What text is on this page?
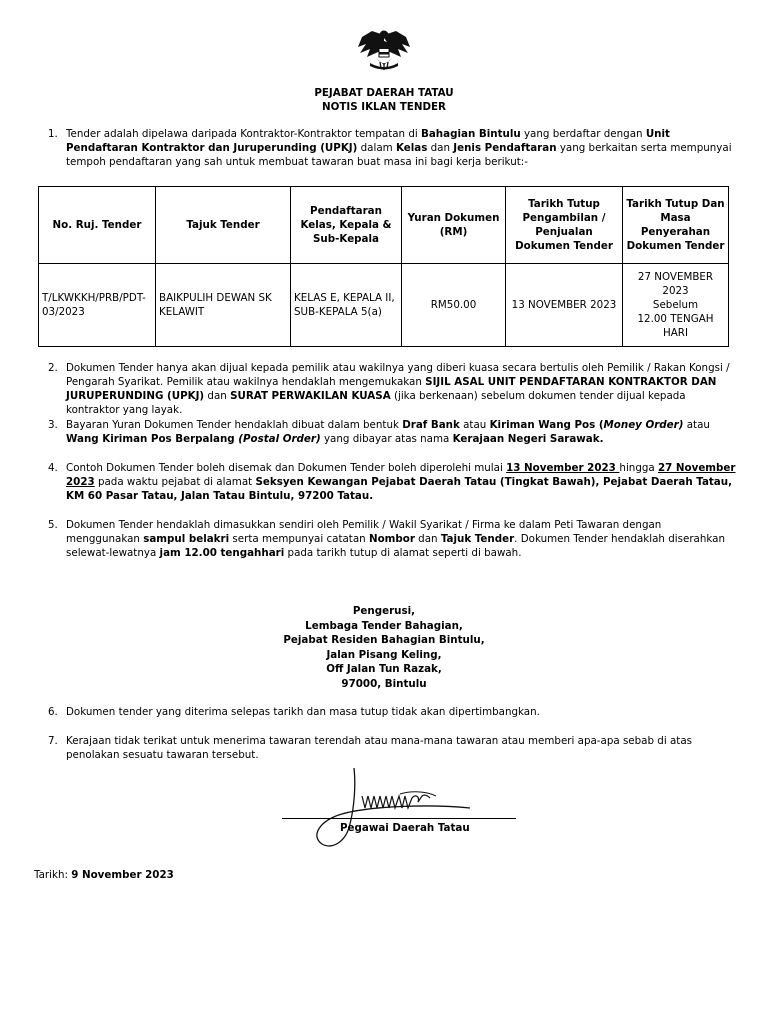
PEJABAT DAERAH TATAU
NOTIS IKLAN TENDER
1. Tender adalah dipelawa daripada Kontraktor-Kontraktor tempatan di Bahagian Bintulu yang berdaftar dengan Unit Pendaftaran Kontraktor dan Juruperunding (UPKJ) dalam Kelas dan Jenis Pendaftaran yang berkaitan serta mempunyai tempoh pendaftaran yang sah untuk membuat tawaran buat masa ini bagi kerja berikut:-
No. Ruj. Tender	Tajuk Tender	Pendaftaran Kelas, Kepala & Sub-Kepala	Yuran Dokumen (RM)	Tarikh Tutup Pengambilan / Penjualan Dokumen Tender	Tarikh Tutup Dan Masa Penyerahan Dokumen Tender
T/LKWKKH/PRB/PDT-03/2023	BAIKPULIH DEWAN SK KELAWIT	KELAS E, KEPALA II, SUB-KEPALA 5(a)	RM50.00	13 NOVEMBER 2023	27 NOVEMBER 2023
Sebelum
12.00 TENGAH HARI
2. Dokumen Tender hanya akan dijual kepada pemilik atau wakilnya yang diberi kuasa secara bertulis oleh Pemilik / Rakan Kongsi / Pengarah Syarikat. Pemilik atau wakilnya hendaklah mengemukakan SIJIL ASAL UNIT PENDAFTARAN KONTRAKTOR DAN JURUPERUNDING (UPKJ) dan SURAT PERWAKILAN KUASA (jika berkenaan) sebelum dokumen tender dijual kepada kontraktor yang layak.
3. Bayaran Yuran Dokumen Tender hendaklah dibuat dalam bentuk Draf Bank atau Kiriman Wang Pos (Money Order) atau Wang Kiriman Pos Berpalang (Postal Order) yang dibayar atas nama Kerajaan Negeri Sarawak.
4. Contoh Dokumen Tender boleh disemak dan Dokumen Tender boleh diperolehi mulai 13 November 2023 hingga 27 November 2023 pada waktu pejabat di alamat Seksyen Kewangan Pejabat Daerah Tatau (Tingkat Bawah), Pejabat Daerah Tatau, KM 60 Pasar Tatau, Jalan Tatau Bintulu, 97200 Tatau.
5. Dokumen Tender hendaklah dimasukkan sendiri oleh Pemilik / Wakil Syarikat / Firma ke dalam Peti Tawaran dengan menggunakan sampul belakri serta mempunyai catatan Nombor dan Tajuk Tender. Dokumen Tender hendaklah diserahkan selewat-lewatnya jam 12.00 tengahhari pada tarikh tutup di alamat seperti di bawah.
Pengerusi,
Lembaga Tender Bahagian,
Pejabat Residen Bahagian Bintulu,
Jalan Pisang Keling,
Off Jalan Tun Razak,
97000, Bintulu
6. Dokumen tender yang diterima selepas tarikh dan masa tutup tidak akan dipertimbangkan.
7. Kerajaan tidak terikat untuk menerima tawaran terendah atau mana-mana tawaran atau memberi apa-apa sebab di atas penolakan sesuatu tawaran tersebut.
Pegawai Daerah Tatau
Tarikh: 9 November 2023
